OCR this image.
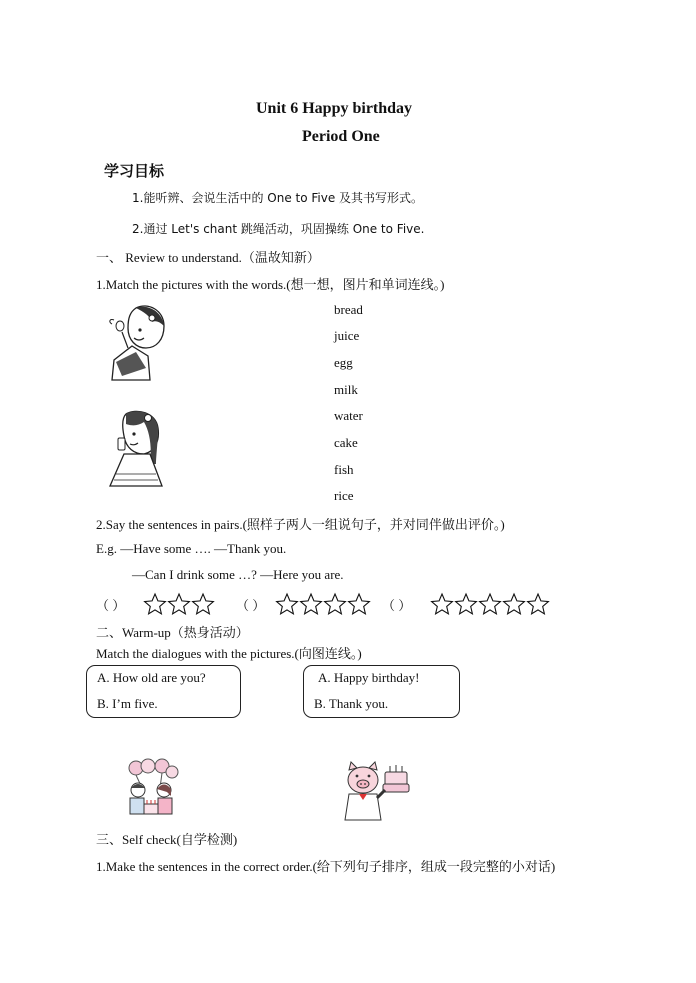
Unit 6 Happy birthday
Period One
学习目标
1.能听辨、会说生活中的 One to Five 及其书写形式。
2.通过 Let's chant 跳绳活动，巩固操练 One to Five.
一、 Review to understand.（温故知新）
1.Match the pictures with the words.(想一想，图片和单词连线。)
bread
juice
egg
milk
water
cake
fish
rice
2.Say the sentences in pairs.(照样子两人一组说句子，并对同伴做出评价。)
E.g. —Have some …. —Thank you.
—Can I drink some …? —Here you are.
（ ）	（ ）	（ ）
二、Warm-up（热身活动）
Match the dialogues with the pictures.(向图连线。)
A. How old are you?
B. I’m five.
A. Happy birthday!
B. Thank you.
三、Self check(自学检测)
1.Make the sentences in the correct order.(给下列句子排序，组成一段完整的小对话)
